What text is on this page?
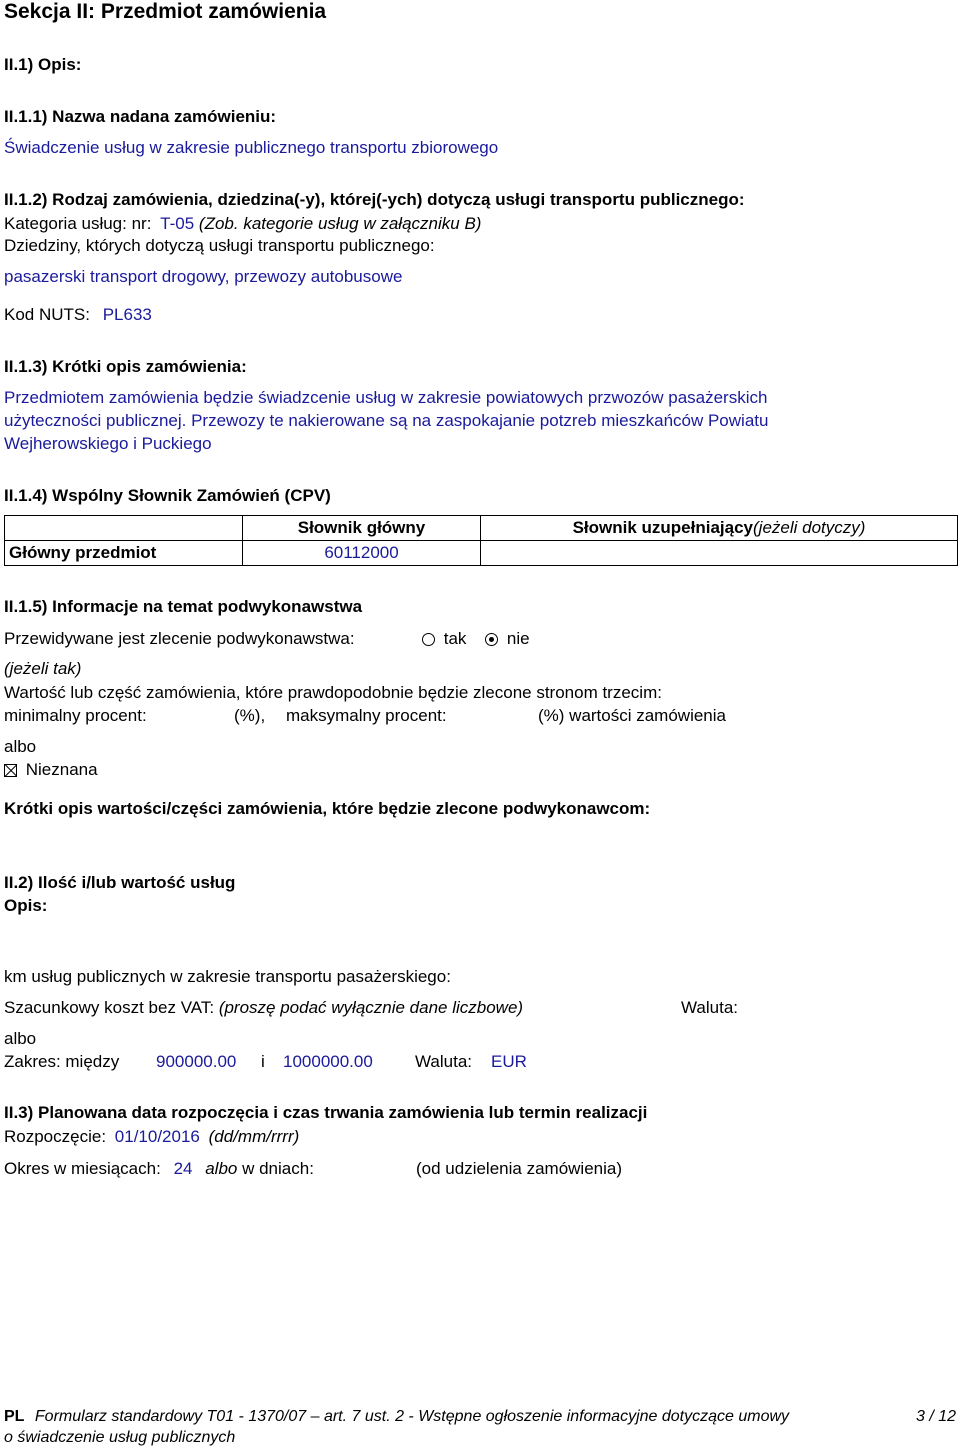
Sekcja II: Przedmiot zamówienia
II.1) Opis:
II.1.1) Nazwa nadana zamówieniu:
Świadczenie usług w zakresie publicznego transportu zbiorowego
II.1.2) Rodzaj zamówienia, dziedzina(-y), której(-ych) dotyczą usługi transportu publicznego:
Kategoria usług: nr: T-05 (Zob. kategorie usług w załączniku B)
Dziedziny, których dotyczą usługi transportu publicznego:
pasazerski transport drogowy, przewozy autobusowe
Kod NUTS: PL633
II.1.3) Krótki opis zamówienia:
Przedmiotem zamówienia będzie świadzcenie usług w zakresie powiatowych przwozów pasażerskich
użyteczności publicznej. Przewozy te nakierowane są na zaspokajanie potzreb mieszkańców Powiatu
Wejherowskiego i Puckiego
II.1.4) Wspólny Słownik Zamówień (CPV)
	Słownik główny	Słownik uzupełniający(jeżeli dotyczy)
Główny przedmiot	60112000	
II.1.5) Informacje na temat podwykonawstwa
Przewidywane jest zlecenie podwykonawstwa:	tak nie
(jeżeli tak)
Wartość lub część zamówienia, które prawdopodobnie będzie zlecone stronom trzecim:
minimalny procent:	(%), maksymalny procent:	(%) wartości zamówienia
albo
Nieznana
Krótki opis wartości/części zamówienia, które będzie zlecone podwykonawcom:
II.2) Ilość i/lub wartość usług
Opis:
km usług publicznych w zakresie transportu pasażerskiego:
Szacunkowy koszt bez VAT: (proszę podać wyłącznie dane liczbowe)	Waluta:
albo
Zakres: między 900000.00 i 1000000.00 Waluta: EUR
II.3) Planowana data rozpoczęcia i czas trwania zamówienia lub termin realizacji
Rozpoczęcie: 01/10/2016 (dd/mm/rrrr)
Okres w miesiącach: 24 albo w dniach:	(od udzielenia zamówienia)
PL Formularz standardowy T01 - 1370/07 – art. 7 ust. 2 - Wstępne ogłoszenie informacyjne dotyczące umowy
o świadczenie usług publicznych
3 / 12
